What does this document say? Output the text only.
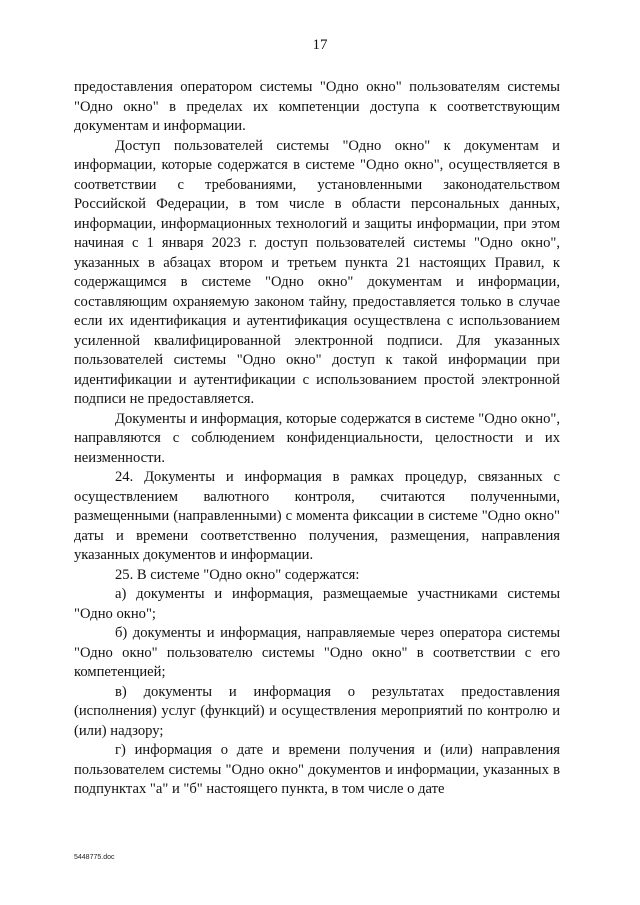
17

предоставления оператором системы "Одно окно" пользователям системы "Одно окно" в пределах их компетенции доступа к соответствующим документам и информации.

Доступ пользователей системы "Одно окно" к документам и информации, которые содержатся в системе "Одно окно", осуществляется в соответствии с требованиями, установленными законодательством Российской Федерации, в том числе в области персональных данных, информации, информационных технологий и защиты информации, при этом начиная с 1 января 2023 г. доступ пользователей системы "Одно окно", указанных в абзацах втором и третьем пункта 21 настоящих Правил, к содержащимся в системе "Одно окно" документам и информации, составляющим охраняемую законом тайну, предоставляется только в случае если их идентификация и аутентификация осуществлена с использованием усиленной квалифицированной электронной подписи. Для указанных пользователей системы "Одно окно" доступ к такой информации при идентификации и аутентификации с использованием простой электронной подписи не предоставляется.

Документы и информация, которые содержатся в системе "Одно окно", направляются с соблюдением конфиденциальности, целостности и их неизменности.

24. Документы и информация в рамках процедур, связанных с осуществлением валютного контроля, считаются полученными, размещенными (направленными) с момента фиксации в системе "Одно окно" даты и времени соответственно получения, размещения, направления указанных документов и информации.

25. В системе "Одно окно" содержатся:

а) документы и информация, размещаемые участниками системы "Одно окно";

б) документы и информация, направляемые через оператора системы "Одно окно" пользователю системы "Одно окно" в соответствии с его компетенцией;

в) документы и информация о результатах предоставления (исполнения) услуг (функций) и осуществления мероприятий по контролю и (или) надзору;

г) информация о дате и времени получения и (или) направления пользователем системы "Одно окно" документов и информации, указанных в подпунктах "а" и "б" настоящего пункта, в том числе о дате

5448775.doc
